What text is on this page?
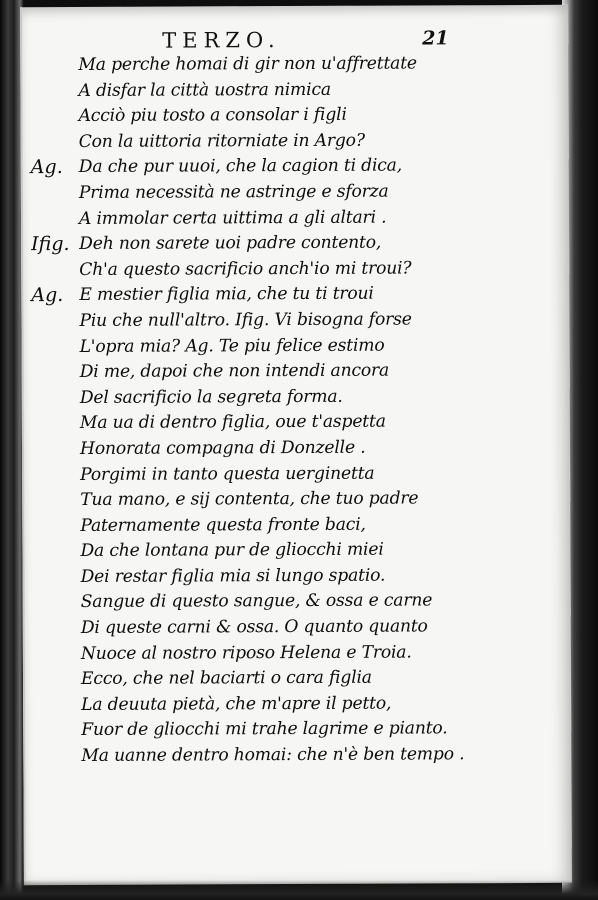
TERZO.	21
Ma perche homai di gir non u'affrettate
A disfar la città uostra nimica
Acciò piu tosto a consolar i figli
Con la uittoria ritorniate in Argo?
Ag. Da che pur uuoi, che la cagion ti dica,
Prima necessità ne astringe e sforza
A immolar certa uittima a gli altari .
Ifig. Deh non sarete uoi padre contento,
Ch'a questo sacrificio anch'io mi troui?
Ag. E mestier figlia mia, che tu ti troui
Piu che null'altro. Ifig. Vi bisogna forse
L'opra mia? Ag. Te piu felice estimo
Di me, dapoi che non intendi ancora
Del sacrificio la segreta forma.
Ma ua di dentro figlia, oue t'aspetta
Honorata compagna di Donzelle .
Porgimi in tanto questa uerginetta
Tua mano, e sij contenta, che tuo padre
Paternamente questa fronte baci,
Da che lontana pur de gliocchi miei
Dei restar figlia mia si lungo spatio.
Sangue di questo sangue, & ossa e carne
Di queste carni & ossa. O quanto quanto
Nuoce al nostro riposo Helena e Troia.
Ecco, che nel baciarti o cara figlia
La deuuta pietà, che m'apre il petto,
Fuor de gliocchi mi trahe lagrime e pianto.
Ma uanne dentro homai: che n'è ben tempo .
